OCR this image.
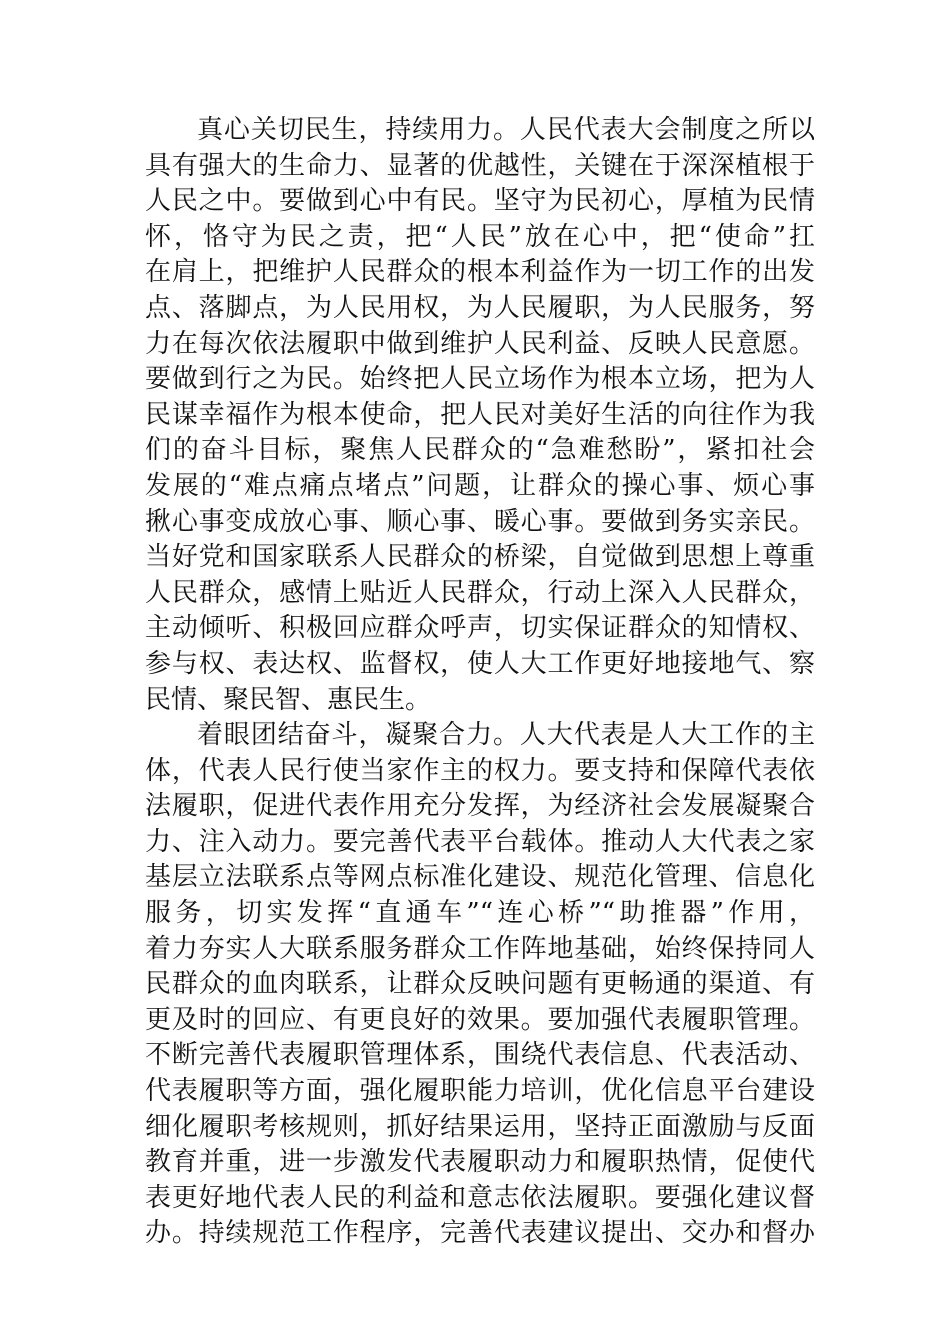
真心关切民生，持续用力。人民代表大会制度之所以
具有强大的生命力、显著的优越性，关键在于深深植根于
人民之中。要做到心中有民。坚守为民初心，厚植为民情
怀，恪守为民之责，把“人民”放在心中，把“使命”扛
在肩上，把维护人民群众的根本利益作为一切工作的出发
点、落脚点，为人民用权，为人民履职，为人民服务，努
力在每次依法履职中做到维护人民利益、反映人民意愿。
要做到行之为民。始终把人民立场作为根本立场，把为人
民谋幸福作为根本使命，把人民对美好生活的向往作为我
们的奋斗目标，聚焦人民群众的“急难愁盼”，紧扣社会
发展的“难点痛点堵点”问题，让群众的操心事、烦心事
揪心事变成放心事、顺心事、暖心事。要做到务实亲民。
当好党和国家联系人民群众的桥梁，自觉做到思想上尊重
人民群众，感情上贴近人民群众，行动上深入人民群众，
主动倾听、积极回应群众呼声，切实保证群众的知情权、
参与权、表达权、监督权，使人大工作更好地接地气、察
民情、聚民智、惠民生。
着眼团结奋斗，凝聚合力。人大代表是人大工作的主
体，代表人民行使当家作主的权力。要支持和保障代表依
法履职，促进代表作用充分发挥，为经济社会发展凝聚合
力、注入动力。要完善代表平台载体。推动人大代表之家
基层立法联系点等网点标准化建设、规范化管理、信息化
服务，切实发挥“直通车”“连心桥”“助推器”作用，
着力夯实人大联系服务群众工作阵地基础，始终保持同人
民群众的血肉联系，让群众反映问题有更畅通的渠道、有
更及时的回应、有更良好的效果。要加强代表履职管理。
不断完善代表履职管理体系，围绕代表信息、代表活动、
代表履职等方面，强化履职能力培训，优化信息平台建设
细化履职考核规则，抓好结果运用，坚持正面激励与反面
教育并重，进一步激发代表履职动力和履职热情，促使代
表更好地代表人民的利益和意志依法履职。要强化建议督
办。持续规范工作程序，完善代表建议提出、交办和督办
